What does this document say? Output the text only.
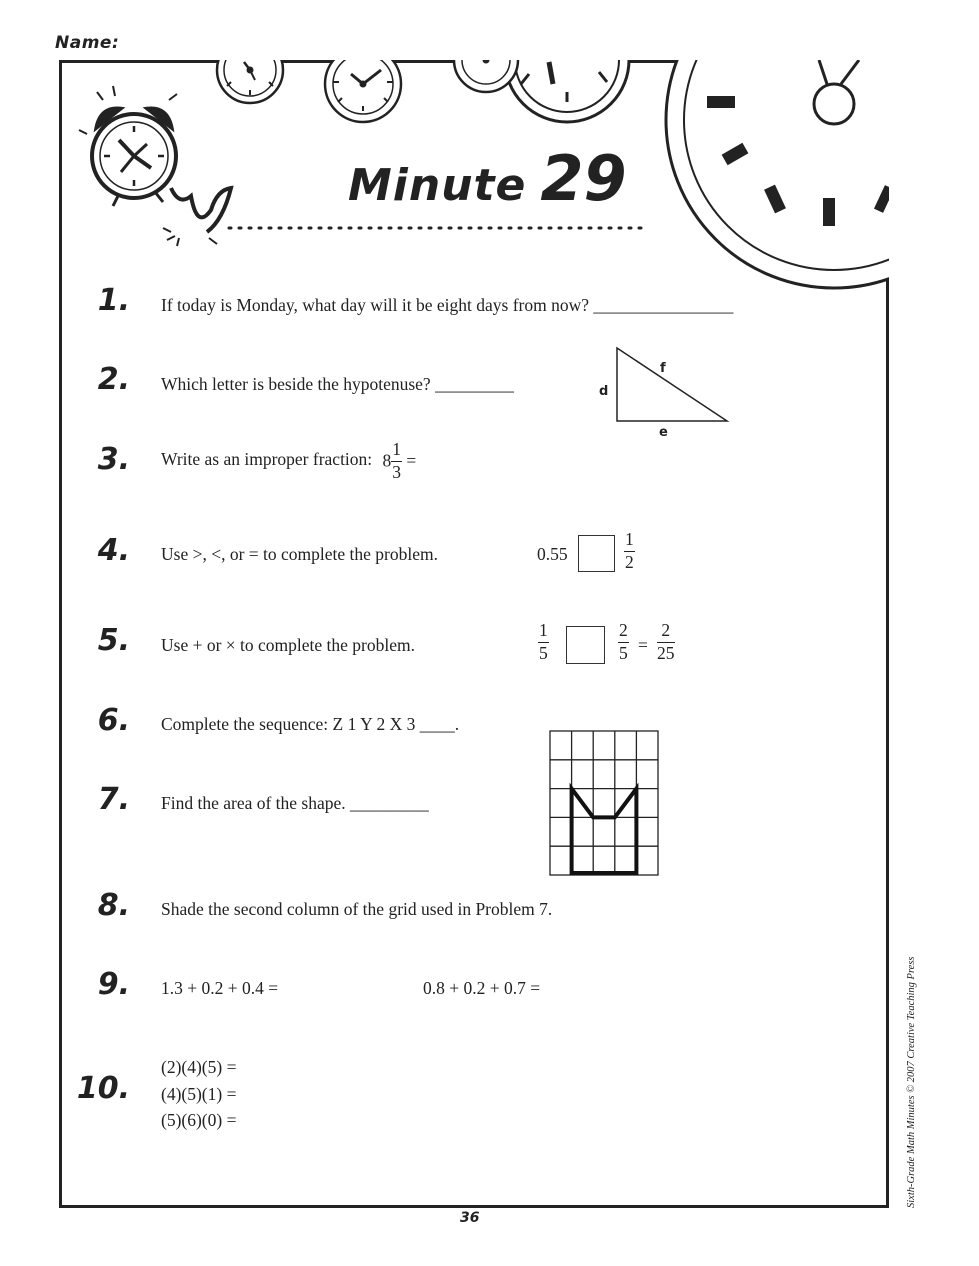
Name:
Minute 29
1. If today is Monday, what day will it be eight days from now? ________________
2. Which letter is beside the hypotenuse? _________	d
e
f
3. Write as an improper fraction: $8 \frac{1}{3}$ =
4. Use >, <, or = to complete the problem.	0.55	$\frac{1}{2}$
5. Use + or × to complete the problem.	$\frac{1}{5}$	$\frac{2}{5} = \frac{2}{25}$
6. Complete the sequence: Z 1 Y 2 X 3 ____.
7. Find the area of the shape. _________
8. Shade the second column of the grid used in Problem 7.
9. 1.3 + 0.2 + 0.4 =	0.8 + 0.2 + 0.7 =
10.
(2)(4)(5) =
(4)(5)(1) =
(5)(6)(0) =
36
Sixth-Grade Math Minutes © 2007 Creative Teaching Press
